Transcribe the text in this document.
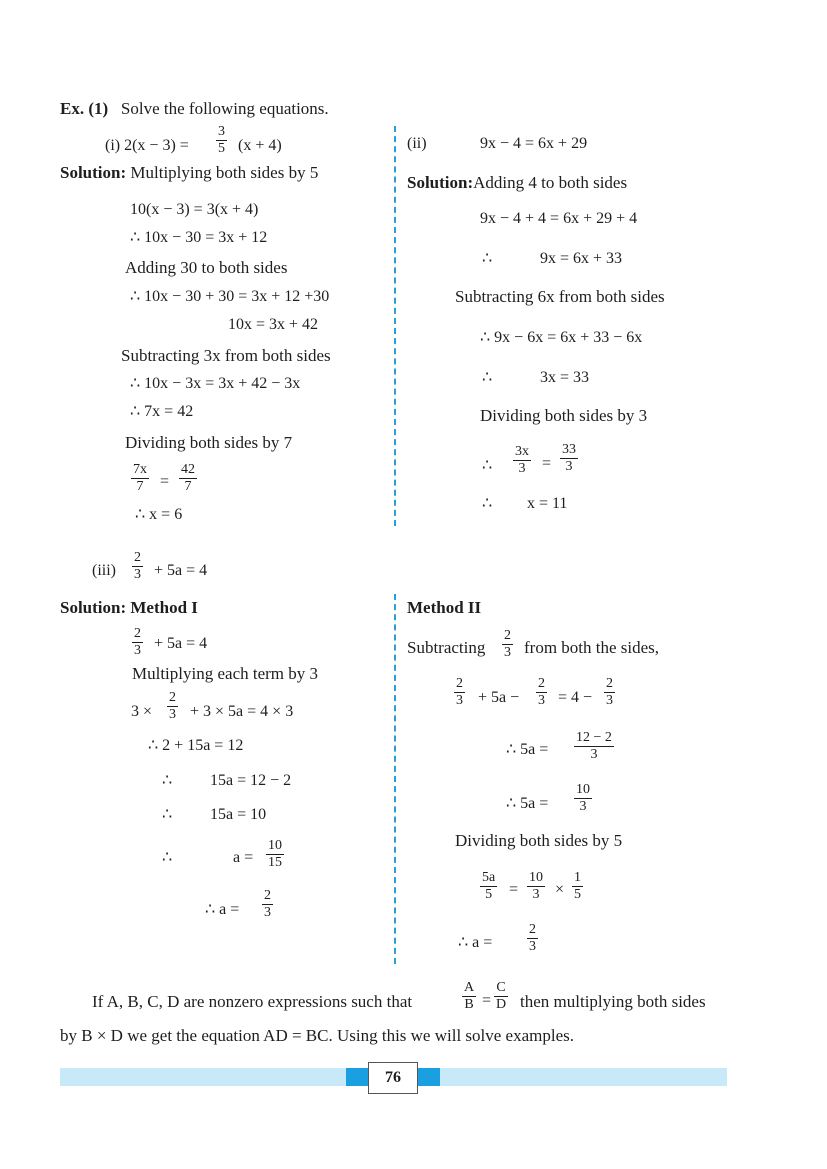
Ex. (1) Solve the following equations.
(i) $2(x - 3) = \frac{3}{5} (x + 4)$
Solution: Multiplying both sides by 5
10(x − 3) = 3(x + 4)
∴ 10x − 30 = 3x + 12
Adding 30 to both sides
∴ 10x − 30 + 30 = 3x + 12 +30
10x = 3x + 42
Subtracting 3x from both sides
∴ 10x − 3x = 3x + 42 − 3x
∴ 7x = 42
Dividing both sides by 7
$\frac{7x}{7} = \frac{42}{7}$
∴ x = 6
(ii)	9x − 4 = 6x + 29
Solution:Adding 4 to both sides
9x − 4 + 4 = 6x + 29 + 4
∴	9x = 6x + 33
Subtracting 6x from both sides
∴ 9x − 6x = 6x + 33 − 6x
∴	3x = 33
Dividing both sides by 3
∴ $\frac{3x}{3} = \frac{33}{3}$
∴ x = 11
$(iii) \frac{2}{3} + 5a = 4$
Solution: Method I
$\frac{2}{3} + 5a = 4$
Multiplying each term by 3
$3 \times \frac{2}{3} + 3 \times 5a = 4 \times 3$
∴ 2 + 15a = 12
∴ 15a = 12 − 2
∴ 15a = 10
∴	$a = \frac{10}{15}$
∴ $a = \frac{2}{3}$
Method II
Subtracting $\frac{2}{3}$ from both the sides,
$\frac{2}{3} + 5a - \frac{2}{3} = 4 - \frac{2}{3}$
∴ $5a = \frac{12 - 2}{3}$
∴ $5a = \frac{10}{3}$
Dividing both sides by 5
$\frac{5a}{5} = \frac{10}{3} \times \frac{1}{5}$
∴ $a = \frac{2}{3}$
If A, B, C, D are nonzero expressions such that	$\frac{A}{B} = \frac{C}{D}$ then multiplying both sides
by B × D we get the equation AD = BC. Using this we will solve examples.
76
